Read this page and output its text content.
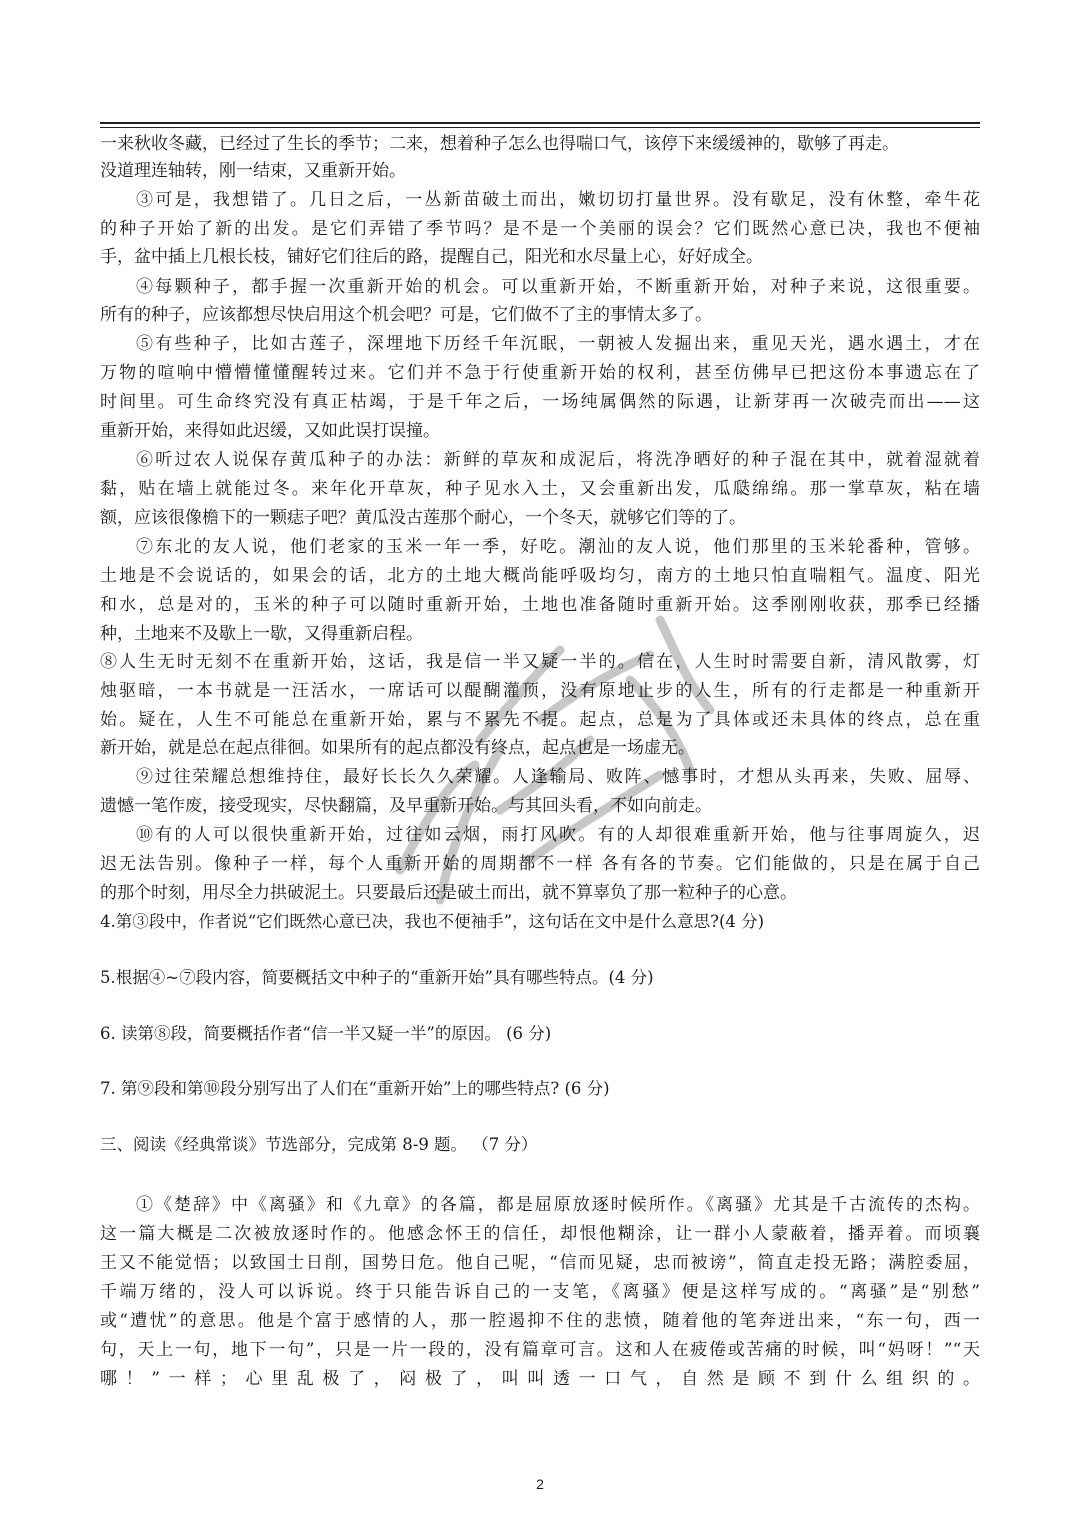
一来秋收冬藏，已经过了生长的季节；二来，想着种子怎么也得喘口气，该停下来缓缓神的，歇够了再走。
没道理连轴转，刚一结束，又重新开始。
③可是，我想错了。几日之后，一丛新苗破土而出，嫩切切打量世界。没有歇足，没有休整，牵牛花
的种子开始了新的出发。是它们弄错了季节吗？是不是一个美丽的误会？它们既然心意已决，我也不便袖
手，盆中插上几根长枝，铺好它们往后的路，提醒自己，阳光和水尽量上心，好好成全。
④每颗种子，都手握一次重新开始的机会。可以重新开始，不断重新开始，对种子来说，这很重要。
所有的种子，应该都想尽快启用这个机会吧？可是，它们做不了主的事情太多了。
⑤有些种子，比如古莲子，深埋地下历经千年沉眠，一朝被人发掘出来，重见天光，遇水遇土，才在
万物的喧响中懵懵懂懂醒转过来。它们并不急于行使重新开始的权利，甚至仿佛早已把这份本事遗忘在了
时间里。可生命终究没有真正枯竭，于是千年之后，一场纯属偶然的际遇，让新芽再一次破壳而出——这
重新开始，来得如此迟缓，又如此误打误撞。
⑥听过农人说保存黄瓜种子的办法：新鲜的草灰和成泥后，将洗净晒好的种子混在其中，就着湿就着
黏，贴在墙上就能过冬。来年化开草灰，种子见水入土，又会重新出发，瓜瓞绵绵。那一掌草灰，粘在墙
额，应该很像檐下的一颗痣子吧？黄瓜没古莲那个耐心，一个冬天，就够它们等的了。
⑦东北的友人说，他们老家的玉米一年一季，好吃。潮汕的友人说，他们那里的玉米轮番种，管够。
土地是不会说话的，如果会的话，北方的土地大概尚能呼吸均匀，南方的土地只怕直喘粗气。温度、阳光
和水，总是对的，玉米的种子可以随时重新开始，土地也准备随时重新开始。这季刚刚收获，那季已经播
种，土地来不及歇上一歇，又得重新启程。
⑧人生无时无刻不在重新开始，这话，我是信一半又疑一半的。信在，人生时时需要自新，清风散雾，灯
烛驱暗，一本书就是一汪活水，一席话可以醍醐灌顶，没有原地止步的人生，所有的行走都是一种重新开
始。疑在，人生不可能总在重新开始，累与不累先不提。起点，总是为了具体或还未具体的终点，总在重
新开始，就是总在起点徘徊。如果所有的起点都没有终点，起点也是一场虚无。
⑨过往荣耀总想维持住，最好长长久久荣耀。人逢输局、败阵、憾事时，才想从头再来，失败、屈辱、
遗憾一笔作废，接受现实，尽快翻篇，及早重新开始。与其回头看，不如向前走。
⑩有的人可以很快重新开始，过往如云烟，雨打风吹。有的人却很难重新开始，他与往事周旋久，迟
迟无法告别。像种子一样，每个人重新开始的周期都不一样 各有各的节奏。它们能做的，只是在属于自己
的那个时刻，用尽全力拱破泥土。只要最后还是破土而出，就不算辜负了那一粒种子的心意。
4.第③段中，作者说“它们既然心意已决，我也不便袖手”，这句话在文中是什么意思?(4 分)
5.根据④~⑦段内容，简要概括文中种子的“重新开始”具有哪些特点。(4 分)
6. 读第⑧段，简要概括作者“信一半又疑一半”的原因。 (6 分)
7. 第⑨段和第⑩段分别写出了人们在“重新开始”上的哪些特点? (6 分)
三、阅读《经典常谈》节选部分，完成第 8-9 题。 （7 分）
①《楚辞》中《离骚》和《九章》的各篇，都是屈原放逐时候所作。《离骚》尤其是千古流传的杰构。
这一篇大概是二次被放逐时作的。他感念怀王的信任，却恨他糊涂，让一群小人蒙蔽着，播弄着。而顷襄
王又不能觉悟；以致国士日削，国势日危。他自己呢，“信而见疑，忠而被谤”，简直走投无路；满腔委屈，
千端万绪的，没人可以诉说。终于只能告诉自己的一支笔，《离骚》便是这样写成的。“离骚”是“别愁”
或“遭忧”的意思。他是个富于感情的人，那一腔遏抑不住的悲愤，随着他的笔奔迸出来，“东一句，西一
句，天上一句，地下一句”，只是一片一段的，没有篇章可言。这和人在疲倦或苦痛的时候，叫“妈呀！”“天
哪！”一样；心里乱极了，闷极了，叫叫透一口气，自然是顾不到什么组织的。
2
